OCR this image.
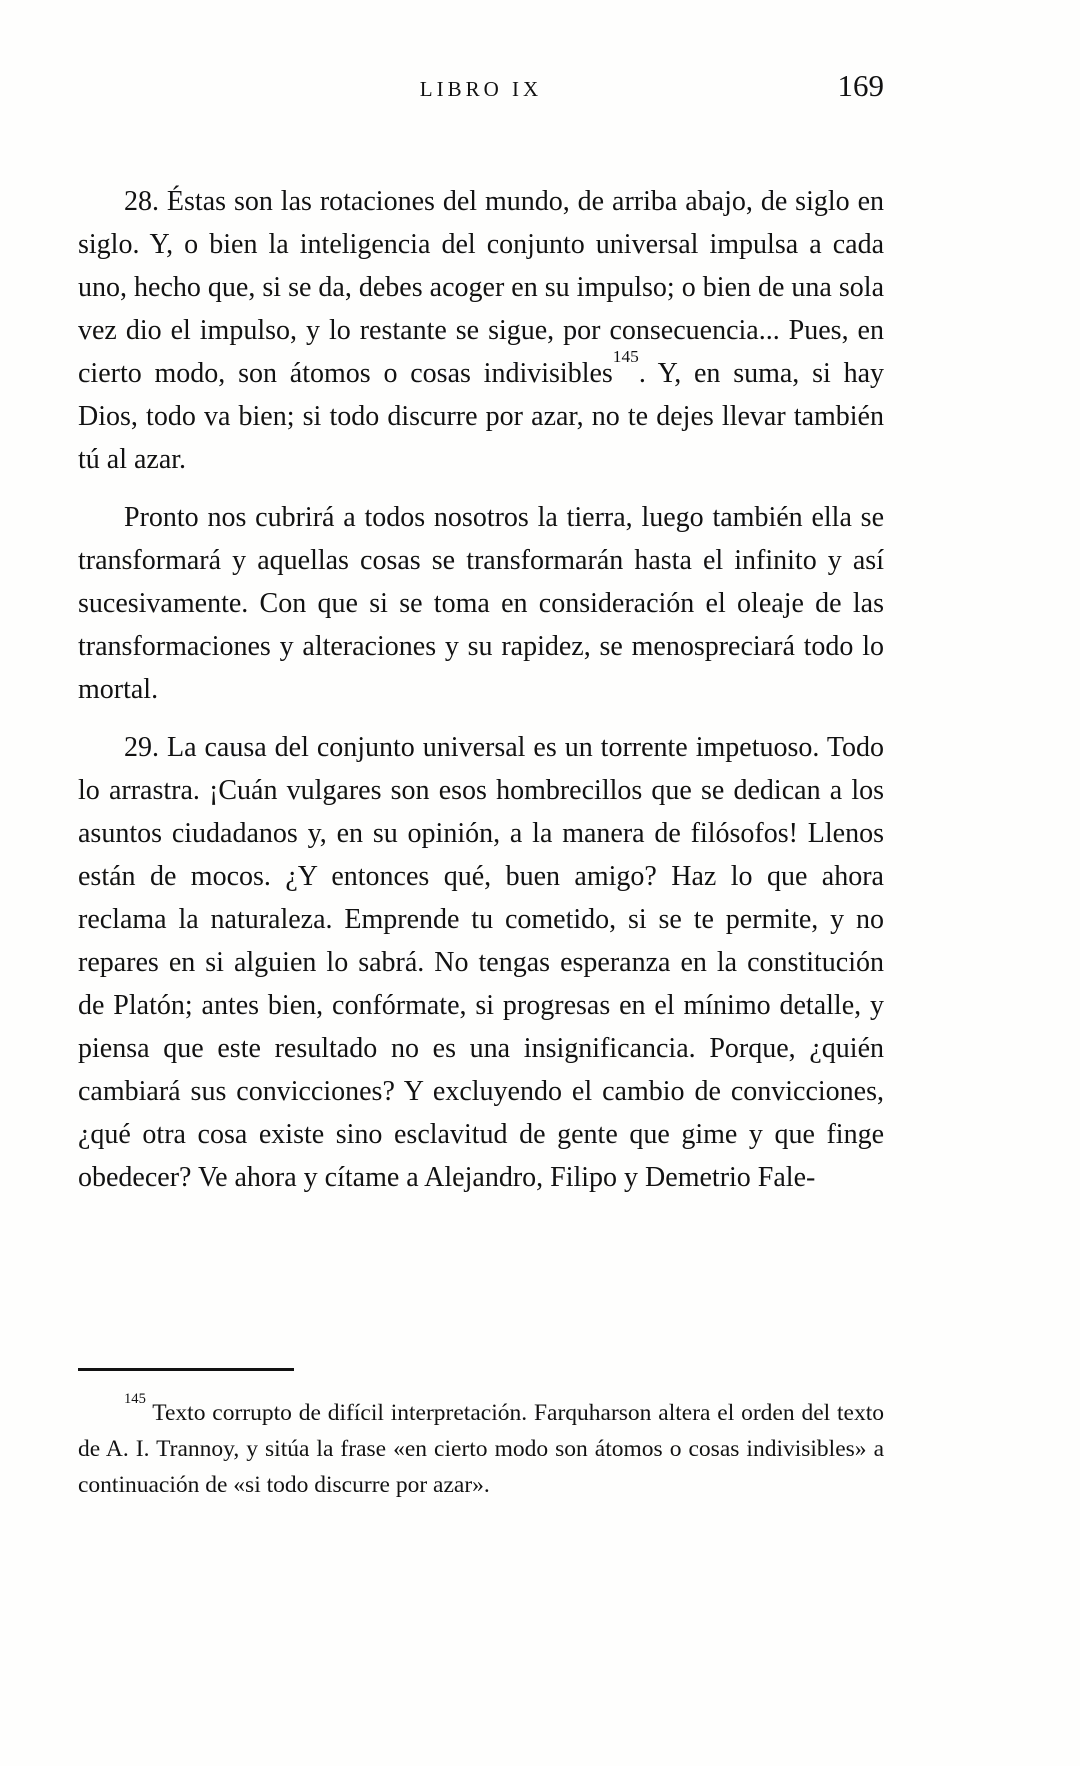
LIBRO IX	169

28. Éstas son las rotaciones del mundo, de arriba abajo, de siglo en siglo. Y, o bien la inteligencia del conjunto universal impulsa a cada uno, hecho que, si se da, debes acoger en su impulso; o bien de una sola vez dio el impulso, y lo restante se sigue, por consecuencia... Pues, en cierto modo, son átomos o cosas indivisibles$^{145}$. Y, en suma, si hay Dios, todo va bien; si todo discurre por azar, no te dejes llevar también tú al azar.

Pronto nos cubrirá a todos nosotros la tierra, luego también ella se transformará y aquellas cosas se transformarán hasta el infinito y así sucesivamente. Con que si se toma en consideración el oleaje de las transformaciones y alteraciones y su rapidez, se menospreciará todo lo mortal.

29. La causa del conjunto universal es un torrente impetuoso. Todo lo arrastra. ¡Cuán vulgares son esos hombrecillos que se dedican a los asuntos ciudadanos y, en su opinión, a la manera de filósofos! Llenos están de mocos. ¿Y entonces qué, buen amigo? Haz lo que ahora reclama la naturaleza. Emprende tu cometido, si se te permite, y no repares en si alguien lo sabrá. No tengas esperanza en la constitución de Platón; antes bien, confórmate, si progresas en el mínimo detalle, y piensa que este resultado no es una insignificancia. Porque, ¿quién cambiará sus convicciones? Y excluyendo el cambio de convicciones, ¿qué otra cosa existe sino esclavitud de gente que gime y que finge obedecer? Ve ahora y cítame a Alejandro, Filipo y Demetrio Fale-

$^{145}$ Texto corrupto de difícil interpretación. Farquharson altera el orden del texto de A. I. Trannoy, y sitúa la frase «en cierto modo son átomos o cosas indivisibles» a continuación de «si todo discurre por azar».
